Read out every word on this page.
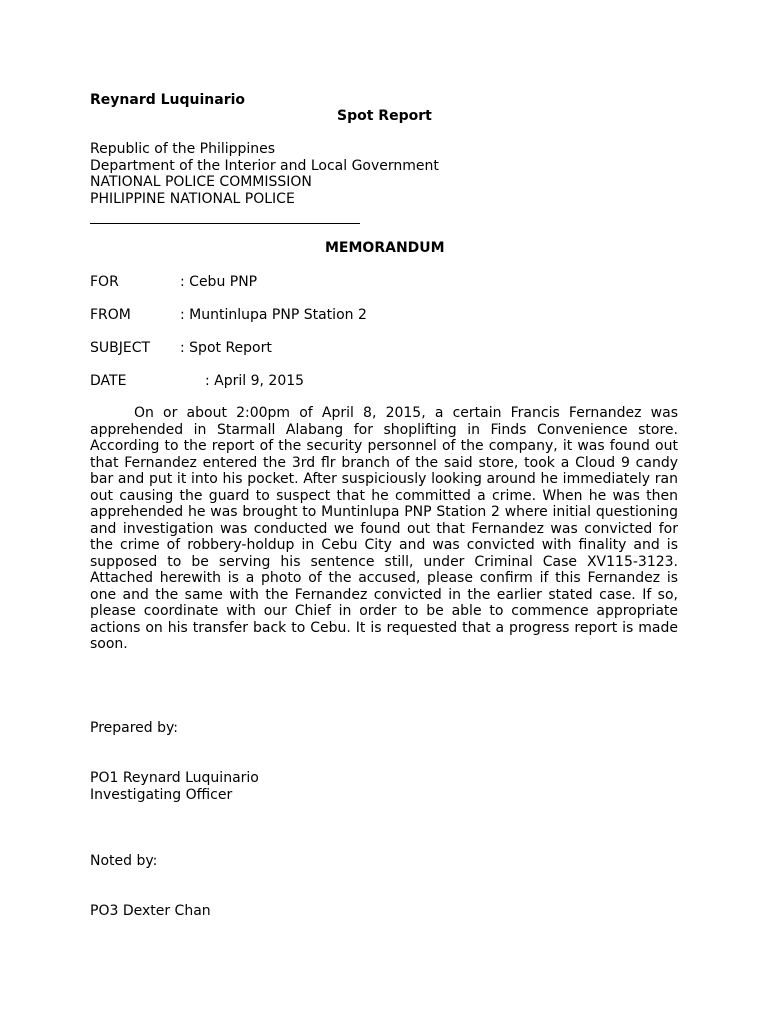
Reynard Luquinario
Spot Report
Republic of the Philippines
Department of the Interior and Local Government
NATIONAL POLICE COMMISSION
PHILIPPINE NATIONAL POLICE
MEMORANDUM
FOR	: Cebu PNP
FROM	: Muntinlupa PNP Station 2
SUBJECT : Spot Report
DATE	: April 9, 2015

On or about 2:00pm of April 8, 2015, a certain Francis Fernandez was apprehended in Starmall Alabang for shoplifting in Finds Convenience store. According to the report of the security personnel of the company, it was found out that Fernandez entered the 3rd flr branch of the said store, took a Cloud 9 candy bar and put it into his pocket. After suspiciously looking around he immediately ran out causing the guard to suspect that he committed a crime. When he was then apprehended he was brought to Muntinlupa PNP Station 2 where initial questioning and investigation was conducted we found out that Fernandez was convicted for the crime of robbery-holdup in Cebu City and was convicted with finality and is supposed to be serving his sentence still, under Criminal Case XV115-3123. Attached herewith is a photo of the accused, please confirm if this Fernandez is one and the same with the Fernandez convicted in the earlier stated case. If so, please coordinate with our Chief in order to be able to commence appropriate actions on his transfer back to Cebu. It is requested that a progress report is made soon.

Prepared by:
PO1 Reynard Luquinario
Investigating Officer
Noted by:
PO3 Dexter Chan
